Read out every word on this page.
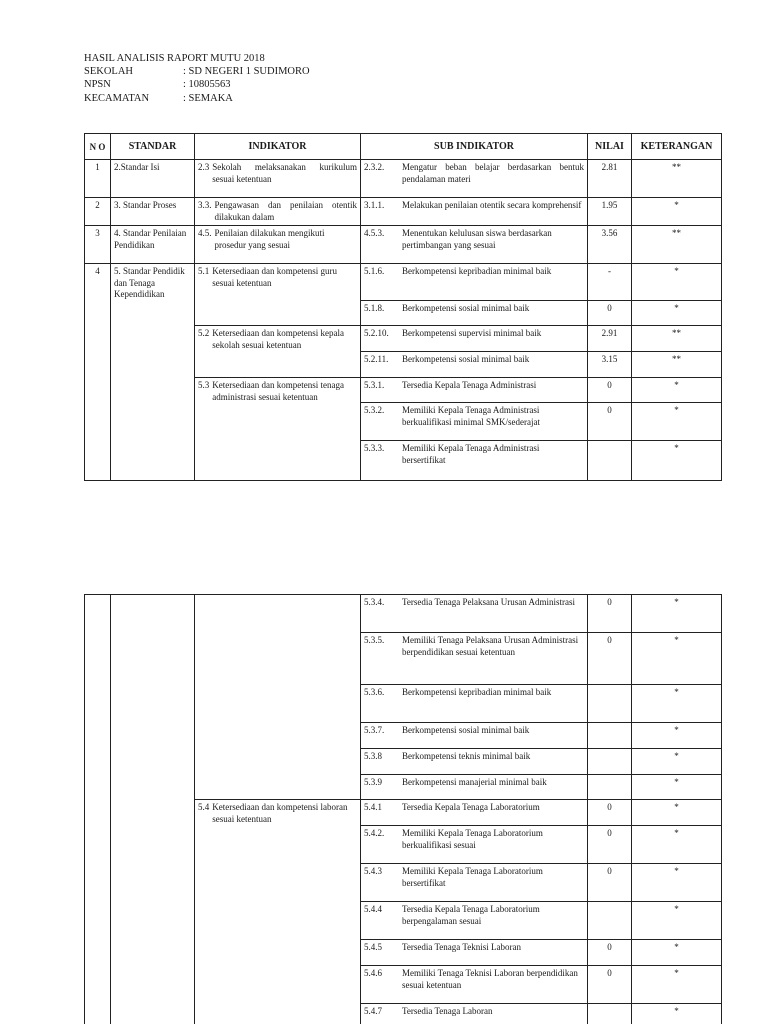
HASIL ANALISIS RAPORT MUTU 2018
SEKOLAH	: SD NEGERI 1 SUDIMORO
NPSN	: 10805563
KECAMATAN	: SEMAKA
N O	STANDAR	INDIKATOR	SUB INDIKATOR	NILAI	KETERANGAN
1	2.Standar Isi	2.3 Sekolah melaksanakan kurikulum sesuai ketentuan	2.3.2. Mengatur beban belajar berdasarkan bentuk pendalaman materi	2.81	**
2	3. Standar Proses	3.3. Pengawasan dan penilaian otentik dilakukan dalam	3.1.1. Melakukan penilaian otentik secara komprehensif	1.95	*
3	4. Standar Penilaian Pendidikan	4.5. Penilaian dilakukan mengikuti prosedur yang sesuai	4.5.3. Menentukan kelulusan siswa berdasarkan pertimbangan yang sesuai	3.56	**
4	5. Standar Pendidik dan Tenaga Kependidikan	5.1 Ketersediaan dan kompetensi guru sesuai ketentuan	5.1.6. Berkompetensi kepribadian minimal baik	-	*

			5.1.8. Berkompetensi sosial minimal baik	0	*

		5.2 Ketersediaan dan kompetensi kepala sekolah sesuai ketentuan	5.2.10. Berkompetensi supervisi minimal baik	2.91	**

			5.2.11. Berkompetensi sosial minimal baik	3.15	**

		5.3 Ketersediaan dan kompetensi tenaga administrasi sesuai ketentuan	5.3.1. Tersedia Kepala Tenaga Administrasi	0	*

			5.3.2. Memiliki Kepala Tenaga Administrasi berkualifikasi minimal SMK/sederajat	0	*

			5.3.3. Memiliki Kepala Tenaga Administrasi bersertifikat		*

			5.3.4. Tersedia Tenaga Pelaksana Urusan Administrasi	0	*

			5.3.5. Memiliki Tenaga Pelaksana Urusan Administrasi berpendidikan sesuai ketentuan	0	*

			5.3.6. Berkompetensi kepribadian minimal baik		*

			5.3.7. Berkompetensi sosial minimal baik		*

			5.3.8 Berkompetensi teknis minimal baik		*

			5.3.9 Berkompetensi manajerial minimal baik		*

		5.4 Ketersediaan dan kompetensi laboran sesuai ketentuan	5.4.1 Tersedia Kepala Tenaga Laboratorium	0	*

			5.4.2. Memiliki Kepala Tenaga Laboratorium berkualifikasi sesuai	0	*

			5.4.3 Memiliki Kepala Tenaga Laboratorium bersertifikat	0	*

			5.4.4 Tersedia Kepala Tenaga Laboratorium berpengalaman sesuai		*

			5.4.5 Tersedia Tenaga Teknisi Laboran	0	*

			5.4.6 Memiliki Tenaga Teknisi Laboran berpendidikan sesuai ketentuan	0	*

			5.4.7 Tersedia Tenaga Laboran		*
